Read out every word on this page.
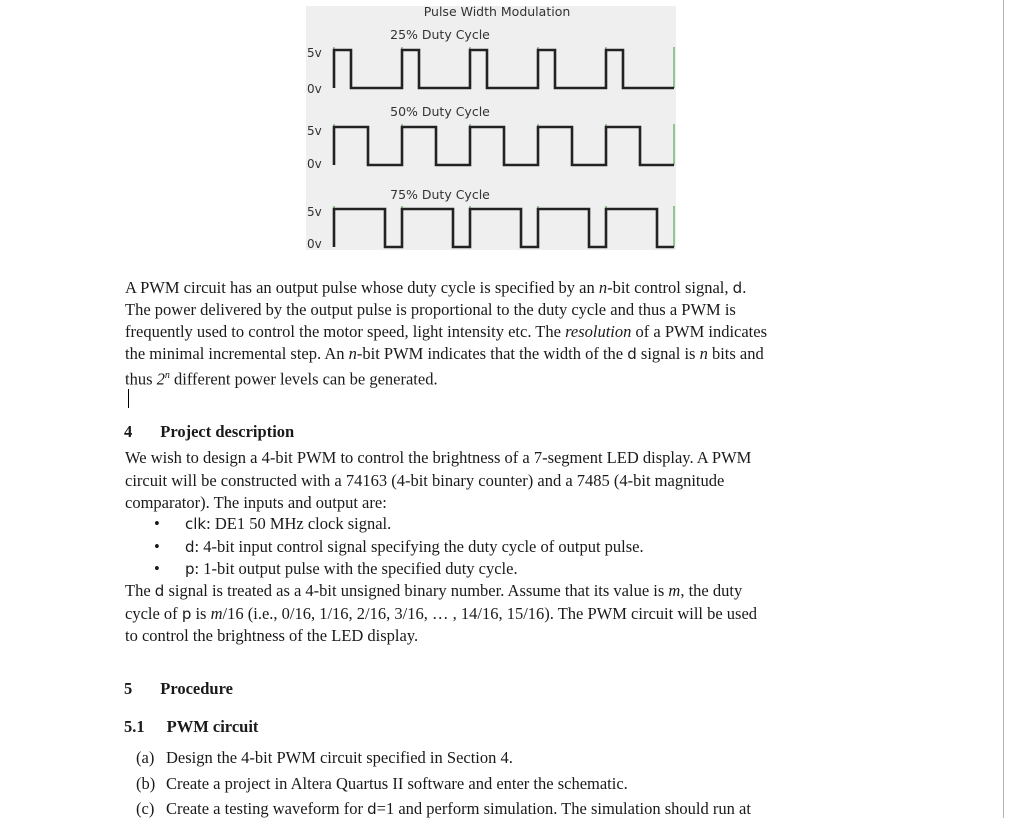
Pulse Width Modulation
25% Duty Cycle
5v
0v
50% Duty Cycle
5v
0v
75% Duty Cycle
5v
0v
A PWM circuit has an output pulse whose duty cycle is specified by an n-bit control signal, d.
The power delivered by the output pulse is proportional to the duty cycle and thus a PWM is
frequently used to control the motor speed, light intensity etc. The resolution of a PWM indicates
the minimal incremental step. An n-bit PWM indicates that the width of the d signal is n bits and
thus 2$^n$ different power levels can be generated.
4 Project description
We wish to design a 4-bit PWM to control the brightness of a 7-segment LED display. A PWM
circuit will be constructed with a 74163 (4-bit binary counter) and a 7485 (4-bit magnitude
comparator). The inputs and output are:
• clk: DE1 50 MHz clock signal.
• d: 4-bit input control signal specifying the duty cycle of output pulse.
• p: 1-bit output pulse with the specified duty cycle.
The d signal is treated as a 4-bit unsigned binary number. Assume that its value is m, the duty
cycle of p is m/16 (i.e., 0/16, 1/16, 2/16, 3/16, … , 14/16, 15/16). The PWM circuit will be used
to control the brightness of the LED display.
5 Procedure
5.1 PWM circuit
(a) Design the 4-bit PWM circuit specified in Section 4.
(b) Create a project in Altera Quartus II software and enter the schematic.
(c) Create a testing waveform for d=1 and perform simulation. The simulation should run at
